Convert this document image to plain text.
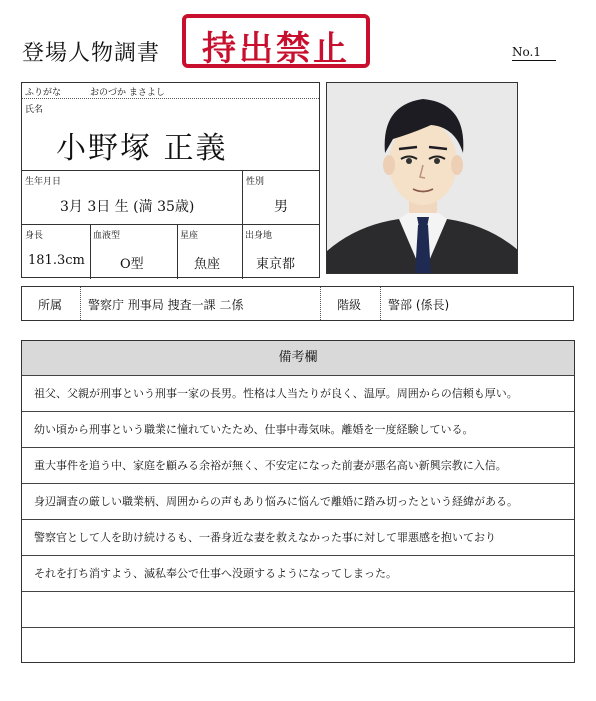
登場人物調書	持出禁止	No.1
ふりがな	おのづか まさよし
氏名
小野塚 正義
生年月日
3月 3日 生 (満 35歳)
性別
男
身長
181.3cm
血液型
O型
星座
魚座
出身地
東京都
所属 警察庁 刑事局 捜査一課 二係	階級 警部 (係長)
備考欄
祖父、父親が刑事という刑事一家の長男。性格は人当たりが良く、温厚。周囲からの信頼も厚い。
幼い頃から刑事という職業に憧れていたため、仕事中毒気味。離婚を一度経験している。
重大事件を追う中、家庭を顧みる余裕が無く、不安定になった前妻が悪名高い新興宗教に入信。
身辺調査の厳しい職業柄、周囲からの声もあり悩みに悩んで離婚に踏み切ったという経緯がある。
警察官として人を助け続けるも、一番身近な妻を救えなかった事に対して罪悪感を抱いており
それを打ち消すよう、滅私奉公で仕事へ没頭するようになってしまった。
